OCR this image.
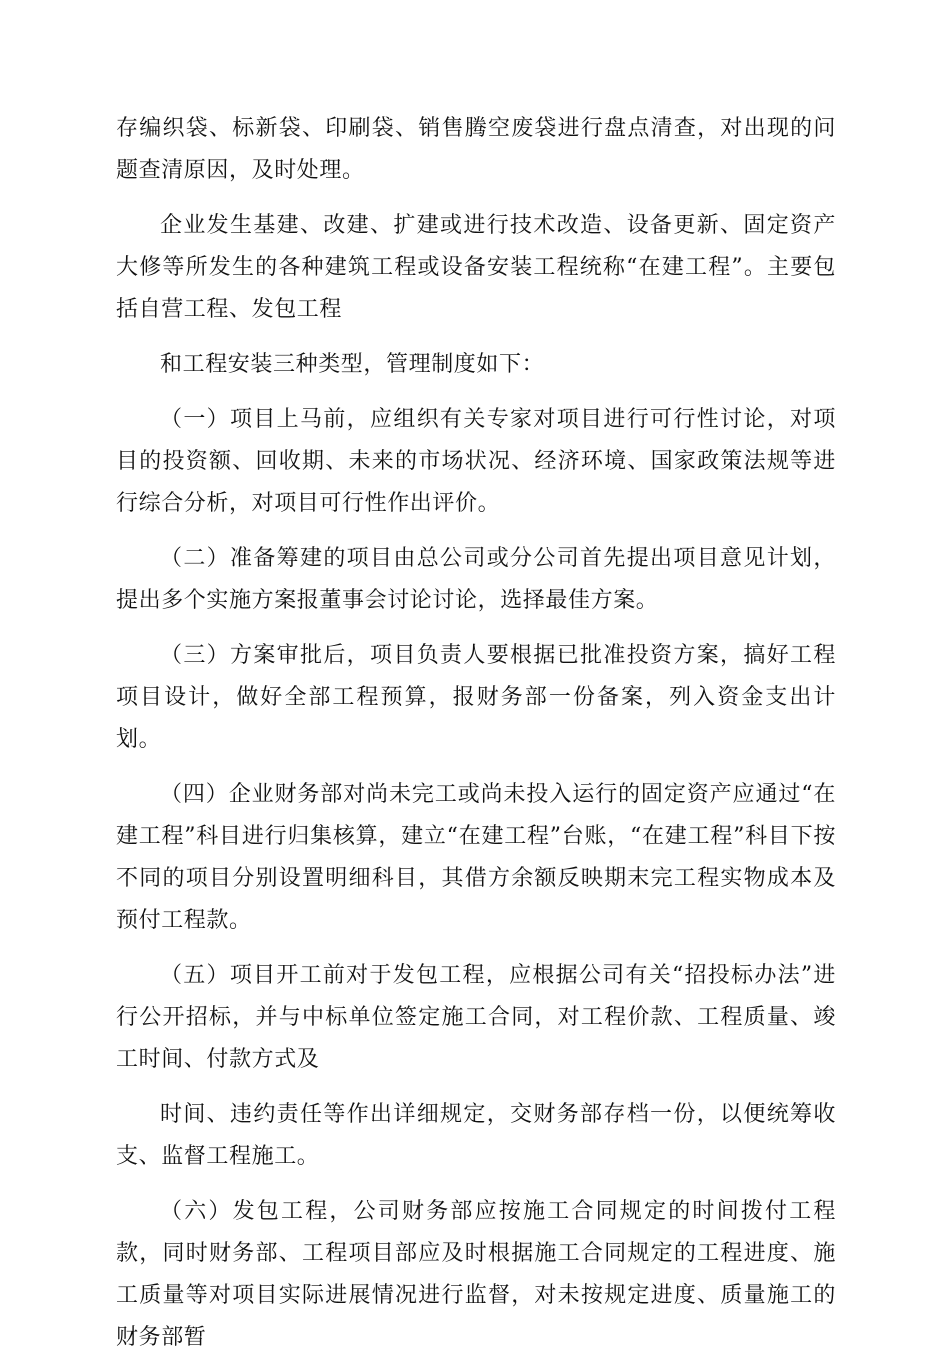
存编织袋、标新袋、印刷袋、销售腾空废袋进行盘点清查，对出现的问题查清原因，及时处理。

企业发生基建、改建、扩建或进行技术改造、设备更新、固定资产大修等所发生的各种建筑工程或设备安装工程统称“在建工程”。主要包括自营工程、发包工程

和工程安装三种类型，管理制度如下：

（一）项目上马前，应组织有关专家对项目进行可行性讨论，对项目的投资额、回收期、未来的市场状况、经济环境、国家政策法规等进行综合分析，对项目可行性作出评价。

（二）准备筹建的项目由总公司或分公司首先提出项目意见计划，提出多个实施方案报董事会讨论讨论，选择最佳方案。

（三）方案审批后，项目负责人要根据已批准投资方案，搞好工程项目设计，做好全部工程预算，报财务部一份备案，列入资金支出计划。

（四）企业财务部对尚未完工或尚未投入运行的固定资产应通过“在建工程”科目进行归集核算，建立“在建工程”台账，“在建工程”科目下按不同的项目分别设置明细科目，其借方余额反映期末完工程实物成本及预付工程款。

（五）项目开工前对于发包工程，应根据公司有关“招投标办法”进行公开招标，并与中标单位签定施工合同，对工程价款、工程质量、竣工时间、付款方式及

时间、违约责任等作出详细规定，交财务部存档一份，以便统筹收支、监督工程施工。

（六）发包工程，公司财务部应按施工合同规定的时间拨付工程款，同时财务部、工程项目部应及时根据施工合同规定的工程进度、施工质量等对项目实际进展情况进行监督，对未按规定进度、质量施工的财务部暂
